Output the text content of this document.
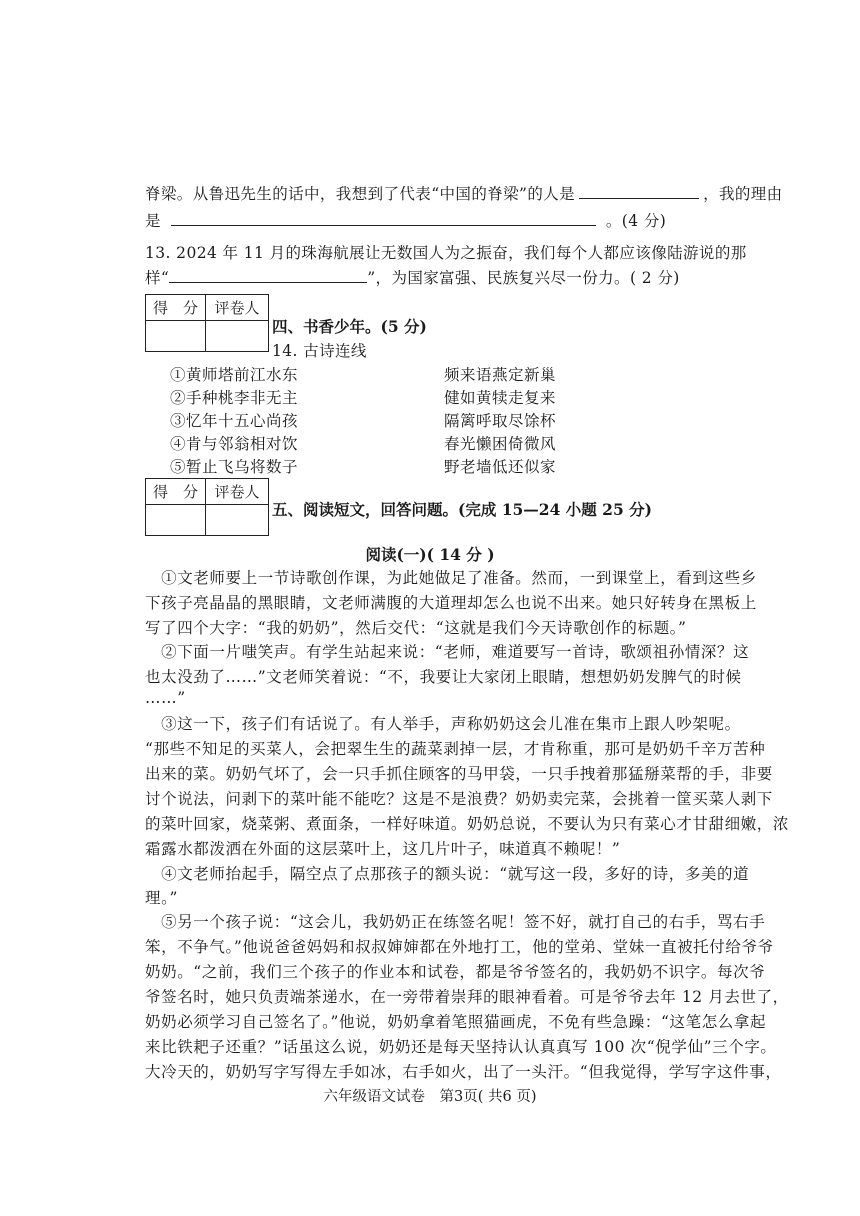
脊梁。从鲁迅先生的话中，我想到了代表“中国的脊梁”的人是	，我的理由
是	。(4 分)
13. 2024 年 11 月的珠海航展让无数国人为之振奋，我们每个人都应该像陆游说的那
样“	”，为国家富强、民族复兴尽一份力。( 2 分)
得　分	评卷人
四、书香少年。(5 分)
14. 古诗连线
①黄师塔前江水东	频来语燕定新巢
②手种桃李非无主	健如黄犊走复来
③忆年十五心尚孩	隔篱呼取尽馀杯
④肯与邻翁相对饮	春光懒困倚微风
⑤暂止飞乌将数子	野老墙低还似家
得　分	评卷人
五、阅读短文，回答问题。(完成 15—24 小题 25 分)
阅读(一)( 14 分 )
　①文老师要上一节诗歌创作课，为此她做足了准备。然而，一到课堂上，看到这些乡
下孩子亮晶晶的黑眼睛，文老师满腹的大道理却怎么也说不出来。她只好转身在黑板上
写了四个大字：“我的奶奶”，然后交代：“这就是我们今天诗歌创作的标题。”
　②下面一片嗤笑声。有学生站起来说：“老师，难道要写一首诗，歌颂祖孙情深？这
也太没劲了……”文老师笑着说：“不，我要让大家闭上眼睛，想想奶奶发脾气的时候
……”
　③这一下，孩子们有话说了。有人举手，声称奶奶这会儿准在集市上跟人吵架呢。
“那些不知足的买菜人，会把翠生生的蔬菜剥掉一层，才肯称重，那可是奶奶千辛万苦种
出来的菜。奶奶气坏了，会一只手抓住顾客的马甲袋，一只手拽着那猛掰菜帮的手，非要
讨个说法，问剥下的菜叶能不能吃？这是不是浪费？奶奶卖完菜，会挑着一筐买菜人剥下
的菜叶回家，烧菜粥、煮面条，一样好味道。奶奶总说，不要认为只有菜心才甘甜细嫩，浓
霜露水都泼洒在外面的这层菜叶上，这几片叶子，味道真不赖呢！”
　④文老师抬起手，隔空点了点那孩子的额头说：“就写这一段，多好的诗，多美的道
理。”
　⑤另一个孩子说：“这会儿，我奶奶正在练签名呢！签不好，就打自己的右手，骂右手
笨，不争气。”他说爸爸妈妈和叔叔婶婶都在外地打工，他的堂弟、堂妹一直被托付给爷爷
奶奶。“之前，我们三个孩子的作业本和试卷，都是爷爷签名的，我奶奶不识字。每次爷
爷签名时，她只负责端茶递水，在一旁带着崇拜的眼神看着。可是爷爷去年 12 月去世了，
奶奶必须学习自己签名了。”他说，奶奶拿着笔照猫画虎，不免有些急躁：“这笔怎么拿起
来比铁耙子还重？”话虽这么说，奶奶还是每天坚持认认真真写 100 次“倪学仙”三个字。
大冷天的，奶奶写字写得左手如冰，右手如火，出了一头汗。“但我觉得，学写字这件事，
六年级语文试卷　第3页( 共6 页)
